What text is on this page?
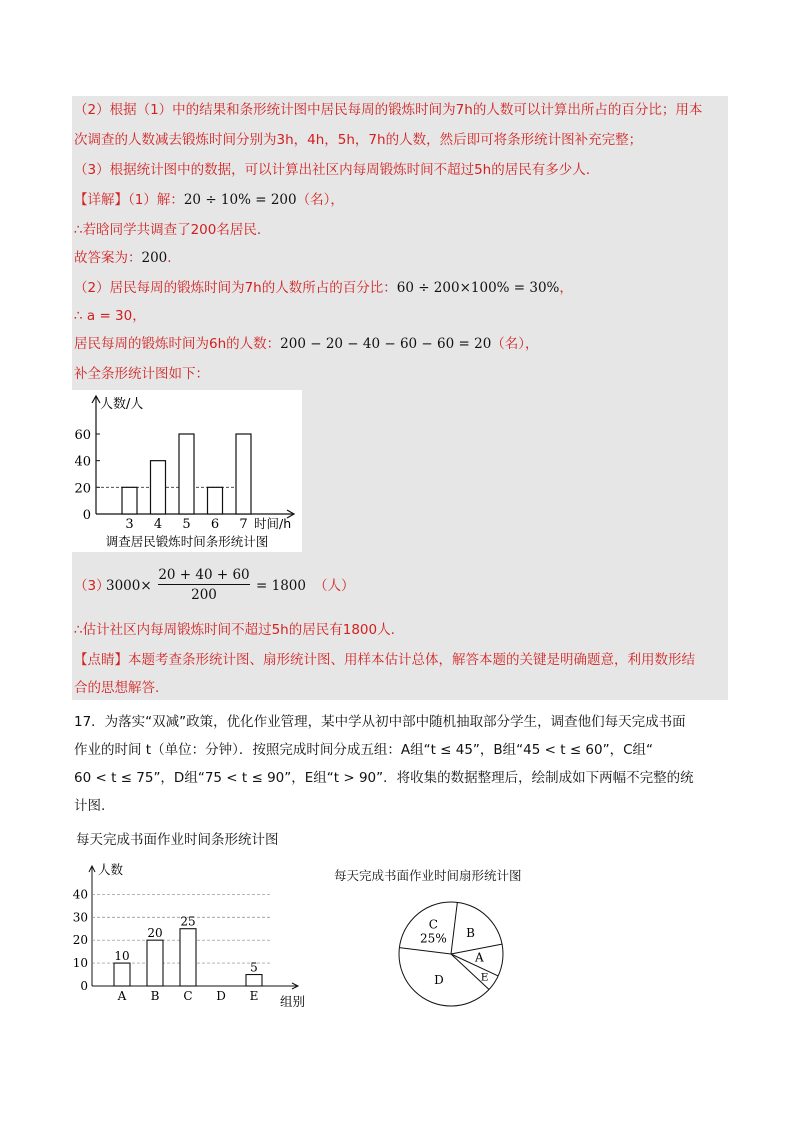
（2）根据（1）中的结果和条形统计图中居民每周的锻炼时间为7h的人数可以计算出所占的百分比；用本
次调查的人数减去锻炼时间分别为3h，4h，5h，7h的人数，然后即可将条形统计图补充完整；
（3）根据统计图中的数据，可以计算出社区内每周锻炼时间不超过5h的居民有多少人.
【详解】（1）解：20 ÷ 10% = 200（名），
∴若晗同学共调查了200名居民.
故答案为：200.
（2）居民每周的锻炼时间为7h的人数所占的百分比：60 ÷ 200×100% = 30%，
∴ a = 30，
居民每周的锻炼时间为6h的人数：200 − 20 − 40 − 60 − 60 = 20（名），
补全条形统计图如下：
人数/人
0
20
40
60
3 4 5 6 7 时间/h
调查居民锻炼时间条形统计图
（3）
3000×
20 + 40 + 60
200
= 1800 （人）
∴估计社区内每周锻炼时间不超过5h的居民有1800人.
【点睛】本题考查条形统计图、扇形统计图、用样本估计总体，解答本题的关键是明确题意，利用数形结
合的思想解答.
17．为落实“双减”政策，优化作业管理，某中学从初中部中随机抽取部分学生，调查他们每天完成书面
作业的时间 t（单位：分钟）．按照完成时间分成五组：A组“t ≤ 45”，B组“45 < t ≤ 60”，C组“
60 < t ≤ 75”，D组“75 < t ≤ 90”，E组“t > 90”．将收集的数据整理后，绘制成如下两幅不完整的统
计图.
每天完成书面作业时间条形统计图
人数
0
10
20
30
40
10
A
20
B
25
C D
5
E 组别
每天完成书面作业时间扇形统计图
A
E
D
C
25% B
